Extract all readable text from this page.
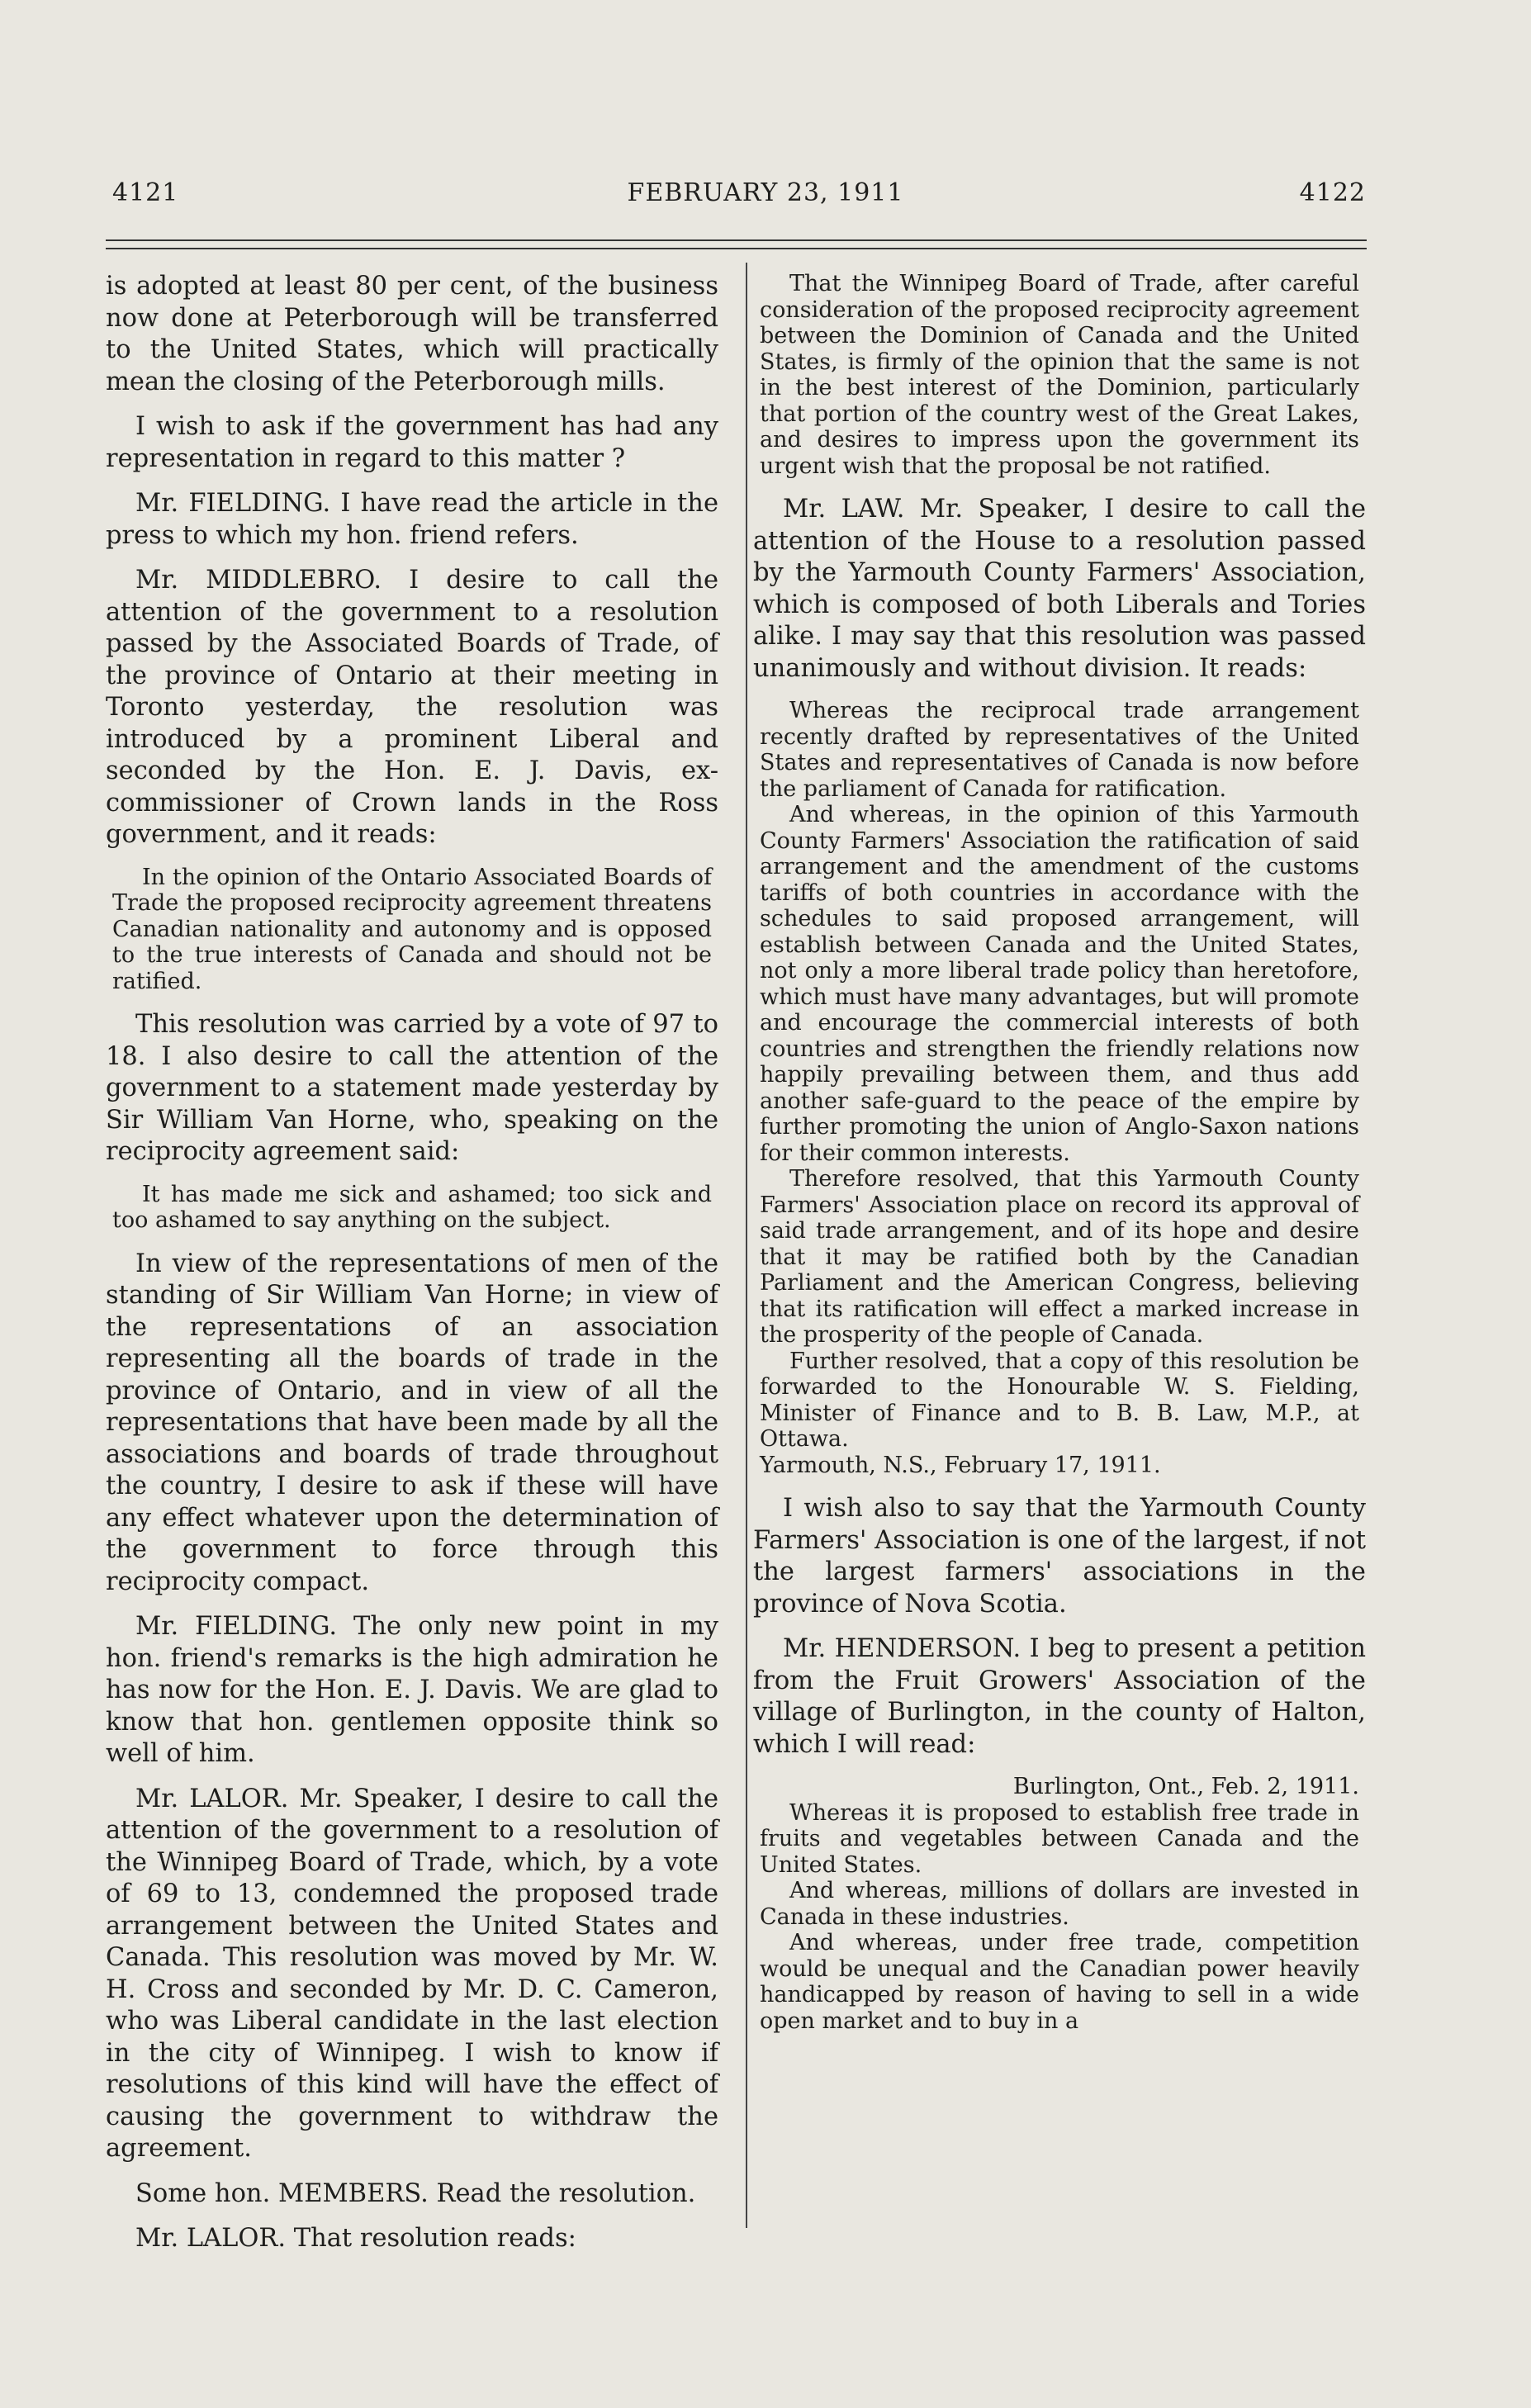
4121	FEBRUARY 23, 1911	4122

is adopted at least 80 per cent, of the business now done at Peterborough will be transferred to the United States, which will practically mean the closing of the Peterborough mills.

I wish to ask if the government has had any representation in regard to this matter ?

Mr. FIELDING. I have read the article in the press to which my hon. friend refers.

Mr. MIDDLEBRO. I desire to call the attention of the government to a resolution passed by the Associated Boards of Trade, of the province of Ontario at their meeting in Toronto yesterday, the resolution was introduced by a prominent Liberal and seconded by the Hon. E. J. Davis, ex-commissioner of Crown lands in the Ross government, and it reads:

In the opinion of the Ontario Associated Boards of Trade the proposed reciprocity agreement threatens Canadian nationality and autonomy and is opposed to the true interests of Canada and should not be ratified.

This resolution was carried by a vote of 97 to 18. I also desire to call the attention of the government to a statement made yesterday by Sir William Van Horne, who, speaking on the reciprocity agreement said:

It has made me sick and ashamed; too sick and too ashamed to say anything on the subject.

In view of the representations of men of the standing of Sir William Van Horne; in view of the representations of an association representing all the boards of trade in the province of Ontario, and in view of all the representations that have been made by all the associations and boards of trade throughout the country, I desire to ask if these will have any effect whatever upon the determination of the government to force through this reciprocity compact.

Mr. FIELDING. The only new point in my hon. friend's remarks is the high admiration he has now for the Hon. E. J. Davis. We are glad to know that hon. gentlemen opposite think so well of him.

Mr. LALOR. Mr. Speaker, I desire to call the attention of the government to a resolution of the Winnipeg Board of Trade, which, by a vote of 69 to 13, condemned the proposed trade arrangement between the United States and Canada. This resolution was moved by Mr. W. H. Cross and seconded by Mr. D. C. Cameron, who was Liberal candidate in the last election in the city of Winnipeg. I wish to know if resolutions of this kind will have the effect of causing the government to withdraw the agreement.

Some hon. MEMBERS. Read the resolution.

Mr. LALOR. That resolution reads:

That the Winnipeg Board of Trade, after careful consideration of the proposed reciprocity agreement between the Dominion of Canada and the United States, is firmly of the opinion that the same is not in the best interest of the Dominion, particularly that portion of the country west of the Great Lakes, and desires to impress upon the government its urgent wish that the proposal be not ratified.

Mr. LAW. Mr. Speaker, I desire to call the attention of the House to a resolution passed by the Yarmouth County Farmers' Association, which is composed of both Liberals and Tories alike. I may say that this resolution was passed unanimously and without division. It reads:

Whereas the reciprocal trade arrangement recently drafted by representatives of the United States and representatives of Canada is now before the parliament of Canada for ratification.

And whereas, in the opinion of this Yarmouth County Farmers' Association the ratification of said arrangement and the amendment of the customs tariffs of both countries in accordance with the schedules to said proposed arrangement, will establish between Canada and the United States, not only a more liberal trade policy than heretofore, which must have many advantages, but will promote and encourage the commercial interests of both countries and strengthen the friendly relations now happily prevailing between them, and thus add another safe-guard to the peace of the empire by further promoting the union of Anglo-Saxon nations for their common interests.

Therefore resolved, that this Yarmouth County Farmers' Association place on record its approval of said trade arrangement, and of its hope and desire that it may be ratified both by the Canadian Parliament and the American Congress, believing that its ratification will effect a marked increase in the prosperity of the people of Canada.

Further resolved, that a copy of this resolution be forwarded to the Honourable W. S. Fielding, Minister of Finance and to B. B. Law, M.P., at Ottawa.

Yarmouth, N.S., February 17, 1911.

I wish also to say that the Yarmouth County Farmers' Association is one of the largest, if not the largest farmers' associations in the province of Nova Scotia.

Mr. HENDERSON. I beg to present a petition from the Fruit Growers' Association of the village of Burlington, in the county of Halton, which I will read:

Burlington, Ont., Feb. 2, 1911.

Whereas it is proposed to establish free trade in fruits and vegetables between Canada and the United States.

And whereas, millions of dollars are invested in Canada in these industries.

And whereas, under free trade, competition would be unequal and the Canadian power heavily handicapped by reason of having to sell in a wide open market and to buy in a
